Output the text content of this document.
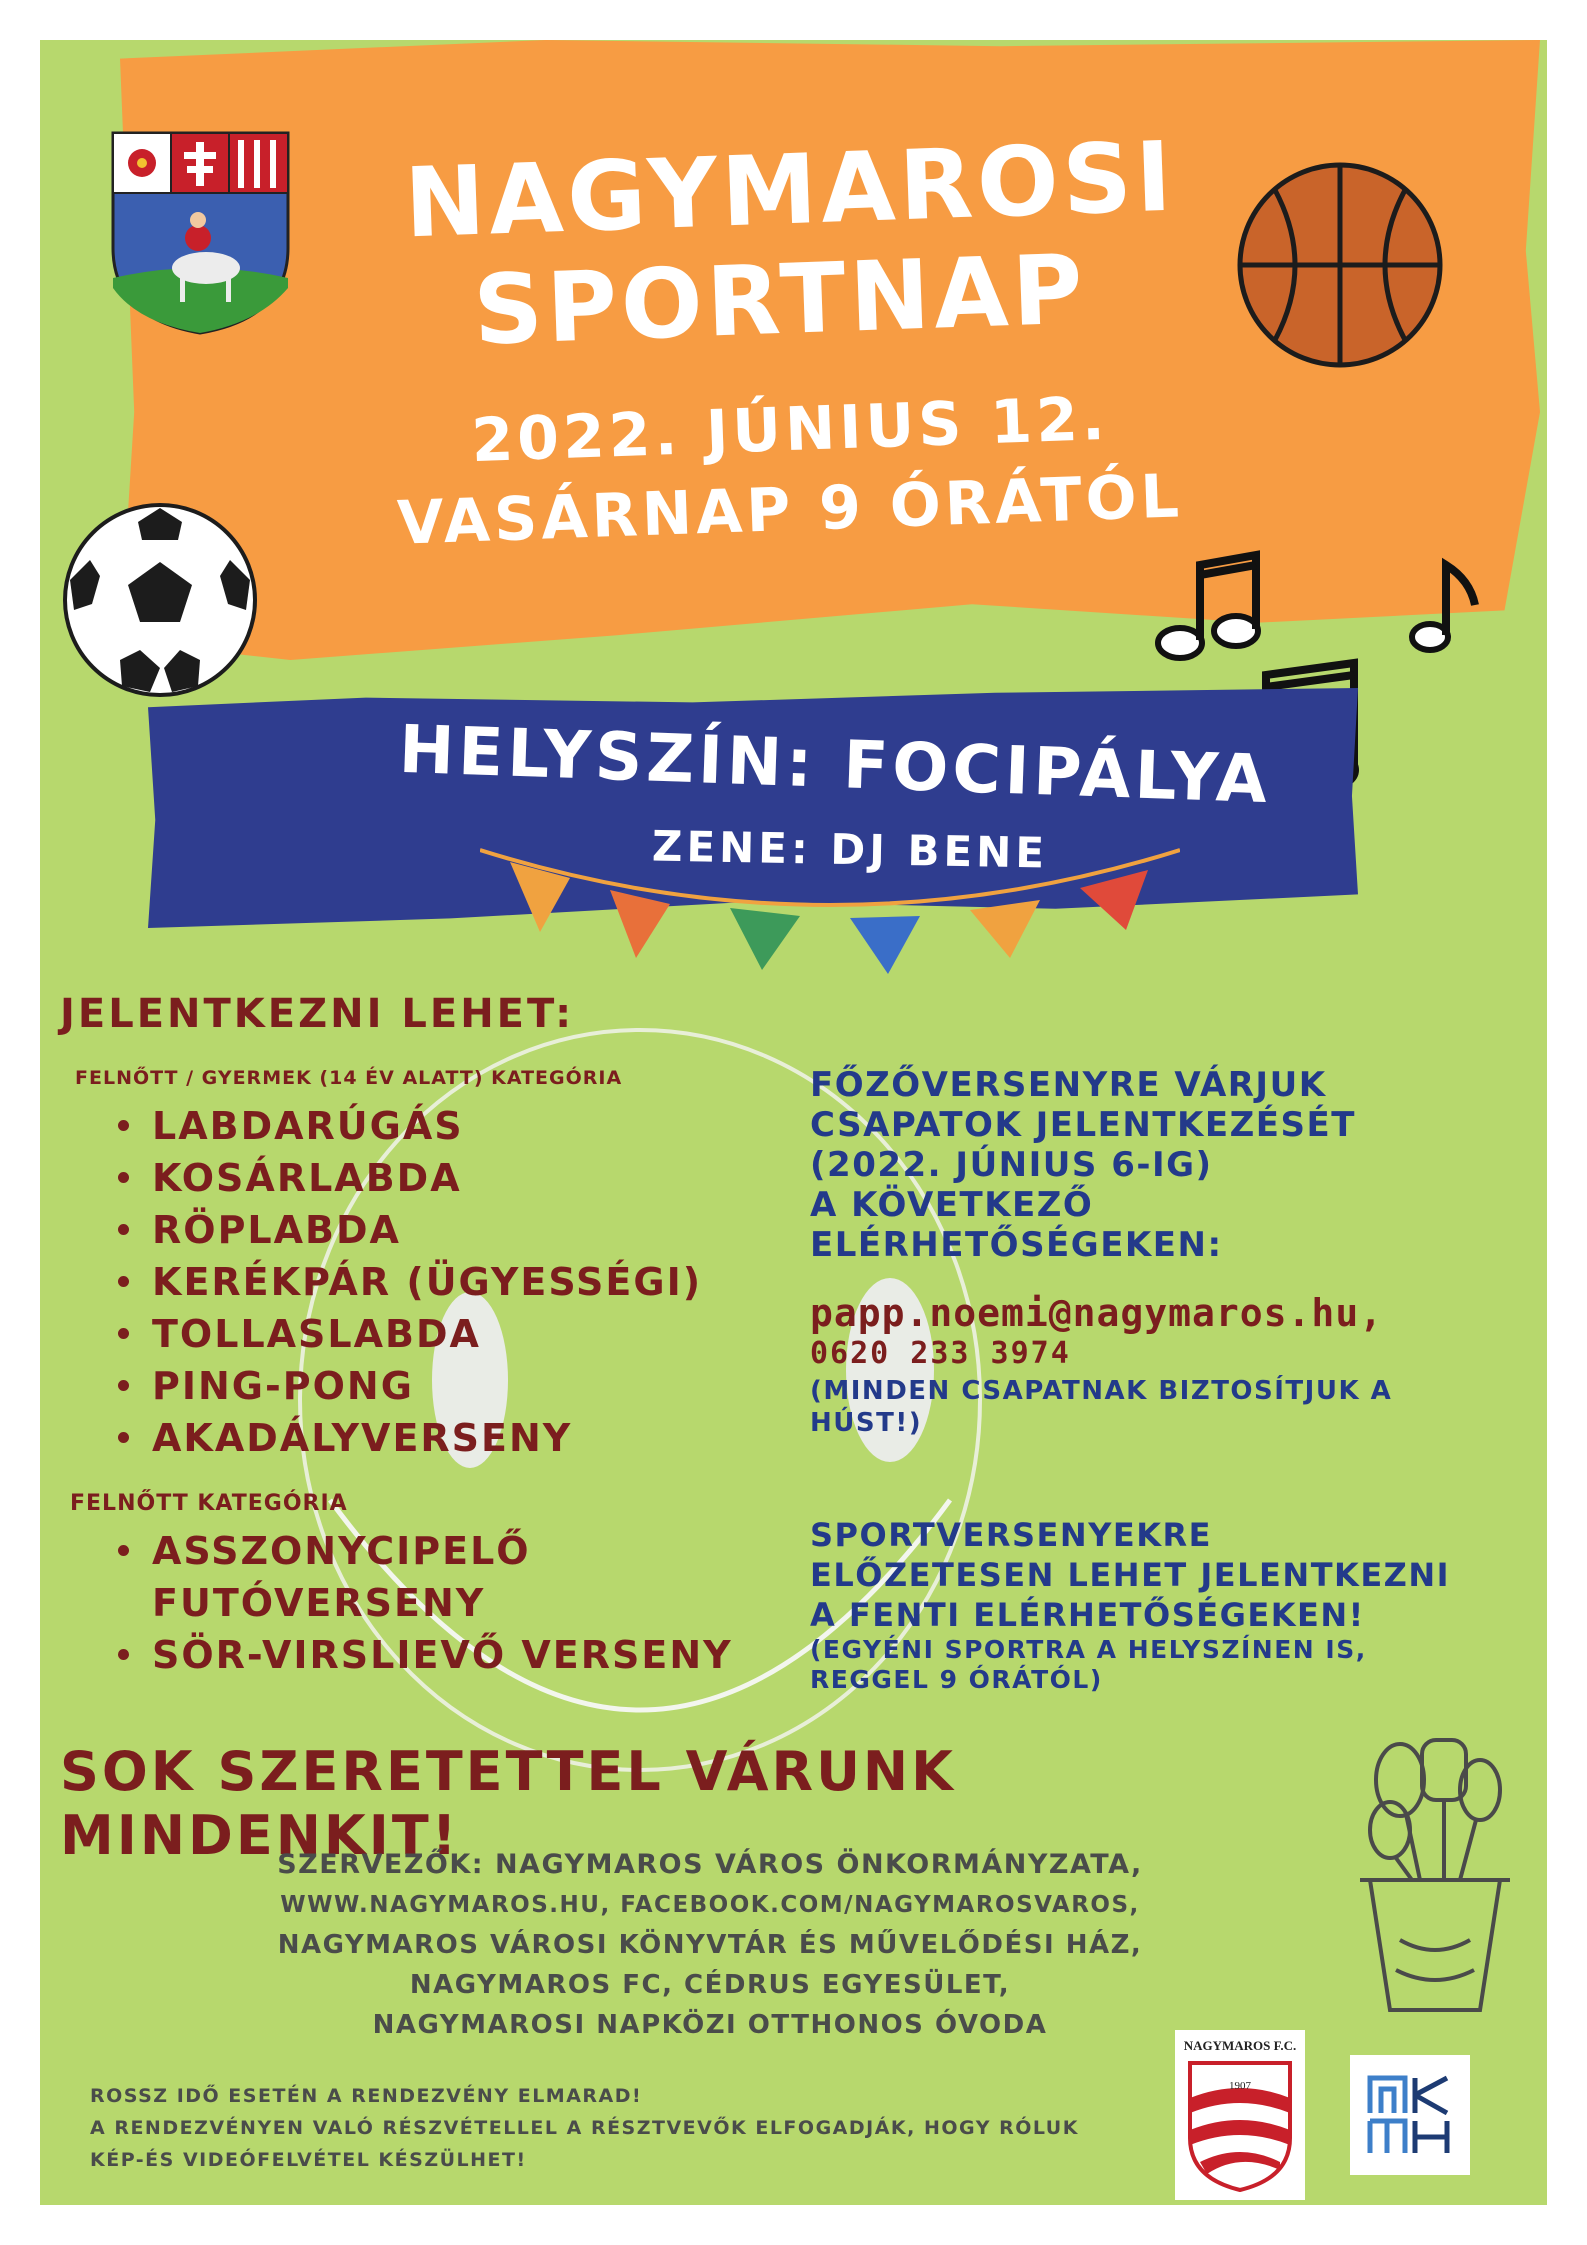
NAGYMAROSI
SPORTNAP
2022. JÚNIUS 12.
VASÁRNAP 9 ÓRÁTÓL
HELYSZÍN: FOCIPÁLYA
ZENE: DJ BENE
JELENTKEZNI LEHET:
FELNŐTT / GYERMEK (14 ÉV ALATT) KATEGÓRIA
LABDARÚGÁS
KOSÁRLABDA
RÖPLABDA
KERÉKPÁR (ÜGYESSÉGI)
TOLLASLABDA
PING-PONG
AKADÁLYVERSENY
FELNŐTT KATEGÓRIA
ASSZONYCIPELŐ FUTÓVERSENY
SÖR-VIRSLIEVŐ VERSENY
FŐZŐVERSENYRE VÁRJUK
CSAPATOK JELENTKEZÉSÉT
(2022. JÚNIUS 6-IG)
A KÖVETKEZŐ
ELÉRHETŐSÉGEKEN:
papp.noemi@nagymaros.hu,
0620 233 3974
(MINDEN CSAPATNAK BIZTOSÍTJUK A HÚST!)
SPORTVERSENYEKRE
ELŐZETESEN LEHET JELENTKEZNI
A FENTI ELÉRHETŐSÉGEKEN!
(EGYÉNI SPORTRA A HELYSZÍNEN IS, REGGEL 9 ÓRÁTÓL)
SOK SZERETETTEL VÁRUNK MINDENKIT!
SZERVEZŐK: NAGYMAROS VÁROS ÖNKORMÁNYZATA,
WWW.NAGYMAROS.HU, FACEBOOK.COM/NAGYMAROSVAROS,
NAGYMAROS VÁROSI KÖNYVTÁR ÉS MŰVELŐDÉSI HÁZ,
NAGYMAROS FC, CÉDRUS EGYESÜLET,
NAGYMAROSI NAPKÖZI OTTHONOS ÓVODA
ROSSZ IDŐ ESETÉN A RENDEZVÉNY ELMARAD!
A RENDEZVÉNYEN VALÓ RÉSZVÉTELLEL A RÉSZTVEVŐK ELFOGADJÁK, HOGY RÓLUK
KÉP-ÉS VIDEÓFELVÉTEL KÉSZÜLHET!
NAGYMAROS F.C.
1907
